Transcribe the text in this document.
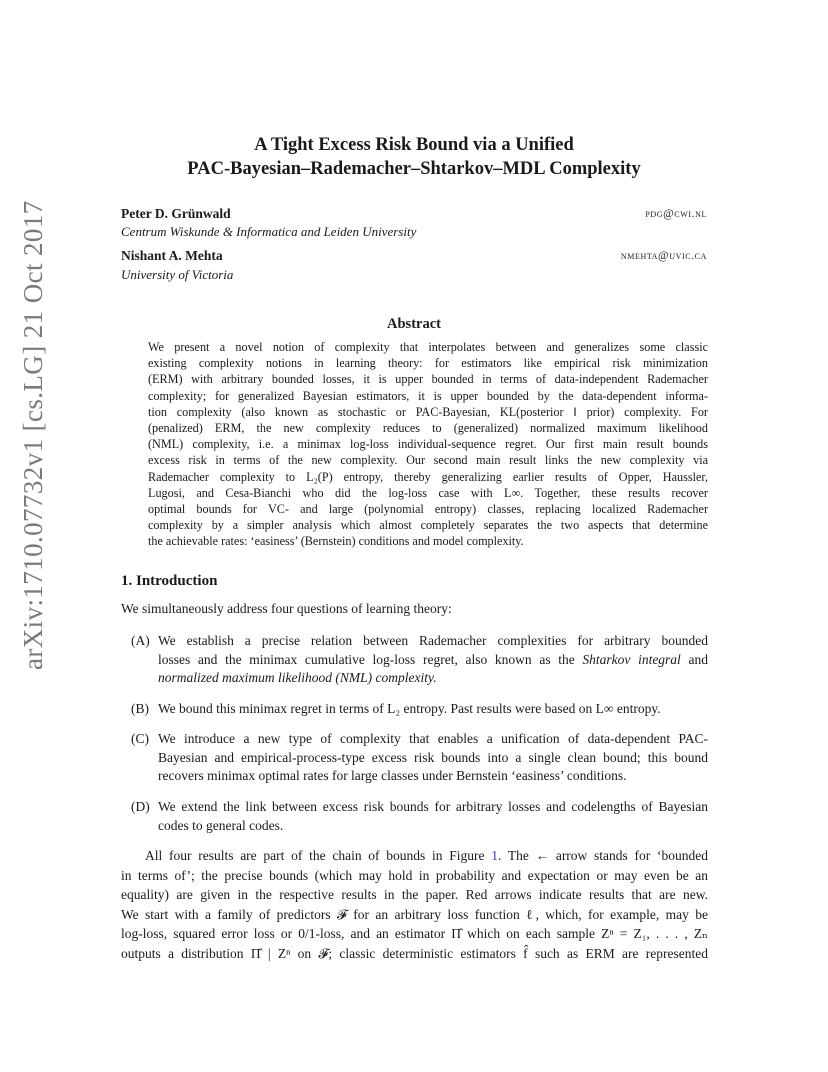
arXiv:1710.07732v1 [cs.LG] 21 Oct 2017
A Tight Excess Risk Bound via a Unified
PAC-Bayesian–Rademacher–Shtarkov–MDL Complexity
Peter D. Grünwald	pdg@cwi.nl
Centrum Wiskunde & Informatica and Leiden University
Nishant A. Mehta	nmehta@uvic.ca
University of Victoria
Abstract
We present a novel notion of complexity that interpolates between and generalizes some classic
existing complexity notions in learning theory: for estimators like empirical risk minimization
(ERM) with arbitrary bounded losses, it is upper bounded in terms of data-independent Rademacher
complexity; for generalized Bayesian estimators, it is upper bounded by the data-dependent informa-
tion complexity (also known as stochastic or PAC-Bayesian, KL(posterior ‖ prior) complexity. For
(penalized) ERM, the new complexity reduces to (generalized) normalized maximum likelihood
(NML) complexity, i.e. a minimax log-loss individual-sequence regret. Our first main result bounds
excess risk in terms of the new complexity. Our second main result links the new complexity via
Rademacher complexity to L₂(P) entropy, thereby generalizing earlier results of Opper, Haussler,
Lugosi, and Cesa-Bianchi who did the log-loss case with L∞. Together, these results recover
optimal bounds for VC- and large (polynomial entropy) classes, replacing localized Rademacher
complexity by a simpler analysis which almost completely separates the two aspects that determine
the achievable rates: ‘easiness’ (Bernstein) conditions and model complexity.
1. Introduction
We simultaneously address four questions of learning theory:
(A) We establish a precise relation between Rademacher complexities for arbitrary bounded
losses and the minimax cumulative log-loss regret, also known as the Shtarkov integral and
normalized maximum likelihood (NML) complexity.
(B) We bound this minimax regret in terms of L₂ entropy. Past results were based on L∞ entropy.
(C) We introduce a new type of complexity that enables a unification of data-dependent PAC-
Bayesian and empirical-process-type excess risk bounds into a single clean bound; this bound
recovers minimax optimal rates for large classes under Bernstein ‘easiness’ conditions.
(D) We extend the link between excess risk bounds for arbitrary losses and codelengths of Bayesian
codes to general codes.
All four results are part of the chain of bounds in Figure 1. The ← arrow stands for ‘bounded
in terms of’; the precise bounds (which may hold in probability and expectation or may even be an
equality) are given in the respective results in the paper. Red arrows indicate results that are new.
We start with a family of predictors 𝓕 for an arbitrary loss function ℓ, which, for example, may be
log-loss, squared error loss or 0/1-loss, and an estimator Π̂ which on each sample Zⁿ = Z₁, . . . , Zₙ
outputs a distribution Π̂ | Zⁿ on 𝓕; classic deterministic estimators f̂ such as ERM are represented
